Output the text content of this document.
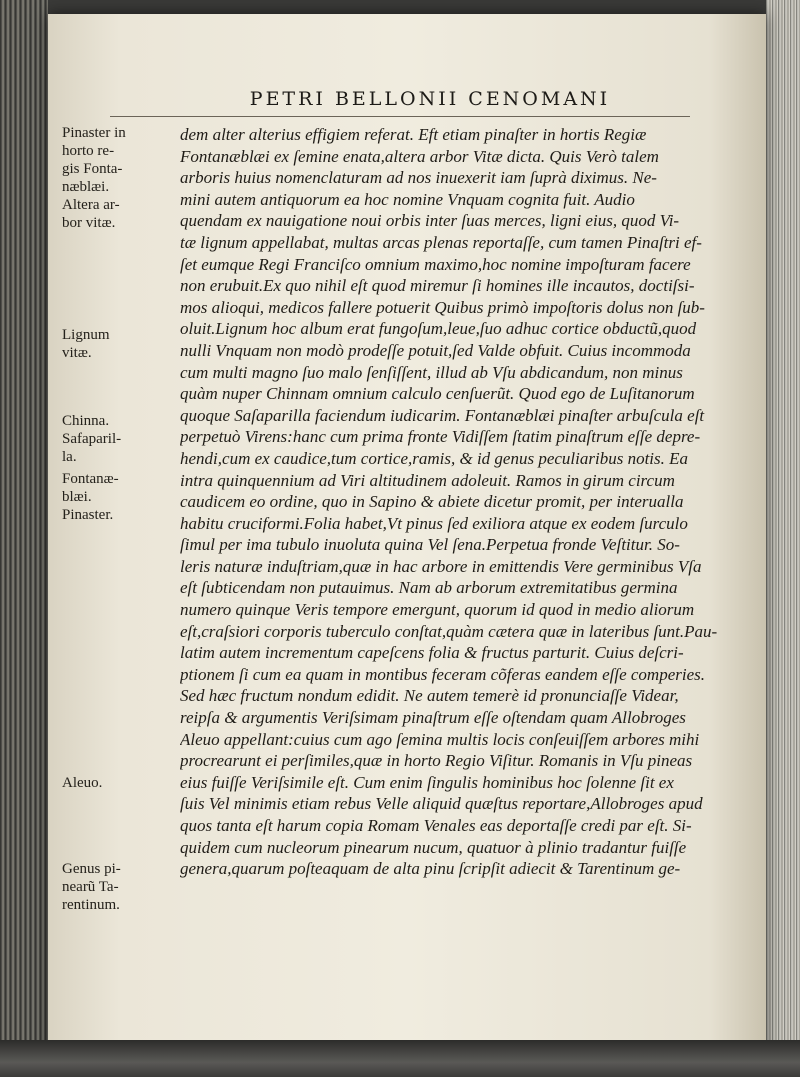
PETRI BELLONII CENOMANI
Pinaster in
horto re-
gis Fonta-
næblæi.
Altera ar-
bor vitæ.
Lignum
vitæ.
Chinna.
Safaparil-
la.
Fontanæ-
blæi.
Pinaster.
Aleuo.
Genus pi-
nearũ Ta-
rentinum.
dem alter alterius effigiem referat. Eft etiam pinaſter in hortis Regiæ
Fontanæblæi ex ſemine enata,altera arbor Vitæ dicta. Quis Verò talem
arboris huius nomenclaturam ad nos inuexerit iam ſuprà diximus. Ne-
mini autem antiquorum ea hoc nomine Vnquam cognita fuit. Audio
quendam ex nauigatione noui orbis inter ſuas merces, ligni eius, quod Vi-
tæ lignum appellabat, multas arcas plenas reportaſſe, cum tamen Pinaſtri ef-
ſet eumque Regi Franciſco omnium maximo,hoc nomine impoſturam facere
non erubuit.Ex quo nihil eſt quod miremur ſi homines ille incautos, doctiſsi-
mos alioqui, medicos fallere potuerit Quibus primò impoſtoris dolus non ſub-
oluit.Lignum hoc album erat fungoſum,leue,ſuo adhuc cortice obductũ,quod
nulli Vnquam non modò prodeſſe potuit,ſed Valde obfuit. Cuius incommoda
cum multi magno ſuo malo ſenſiſſent, illud ab Vſu abdicandum, non minus
quàm nuper Chinnam omnium calculo cenſuerũt. Quod ego de Luſitanorum
quoque Saſaparilla faciendum iudicarim. Fontanæblæi pinaſter arbuſcula eſt
perpetuò Virens:hanc cum prima fronte Vidiſſem ſtatim pinaſtrum eſſe depre-
hendi,cum ex caudice,tum cortice,ramis, & id genus peculiaribus notis. Ea
intra quinquennium ad Viri altitudinem adoleuit. Ramos in girum circum
caudicem eo ordine, quo in Sapino & abiete dicetur promit, per interualla
habitu cruciformi.Folia habet,Vt pinus ſed exiliora atque ex eodem ſurculo
ſimul per ima tubulo inuoluta quina Vel ſena.Perpetua fronde Veſtitur. So-
leris naturæ induſtriam,quæ in hac arbore in emittendis Vere germinibus Vſa
eſt ſubticendam non putauimus. Nam ab arborum extremitatibus germina
numero quinque Veris tempore emergunt, quorum id quod in medio aliorum
eſt,craſsiori corporis tuberculo conſtat,quàm cætera quæ in lateribus ſunt.Pau-
latim autem incrementum capeſcens folia & fructus parturit. Cuius deſcri-
ptionem ſi cum ea quam in montibus feceram cõferas eandem eſſe comperies.
Sed hæc fructum nondum edidit. Ne autem temerè id pronunciaſſe Videar,
reipſa & argumentis Veriſsimam pinaſtrum eſſe oſtendam quam Allobroges
Aleuo appellant:cuius cum ago ſemina multis locis conſeuiſſem arbores mihi
procrearunt ei perſimiles,quæ in horto Regio Viſitur. Romanis in Vſu pineas
eius fuiſſe Veriſsimile eſt. Cum enim ſingulis hominibus hoc ſolenne ſit ex
ſuis Vel minimis etiam rebus Velle aliquid quæſtus reportare,Allobroges apud
quos tanta eſt harum copia Romam Venales eas deportaſſe credi par eſt. Si-
quidem cum nucleorum pinearum nucum, quatuor à plinio tradantur fuiſſe
genera,quarum poſteaquam de alta pinu ſcripſit adiecit & Tarentinum ge-
